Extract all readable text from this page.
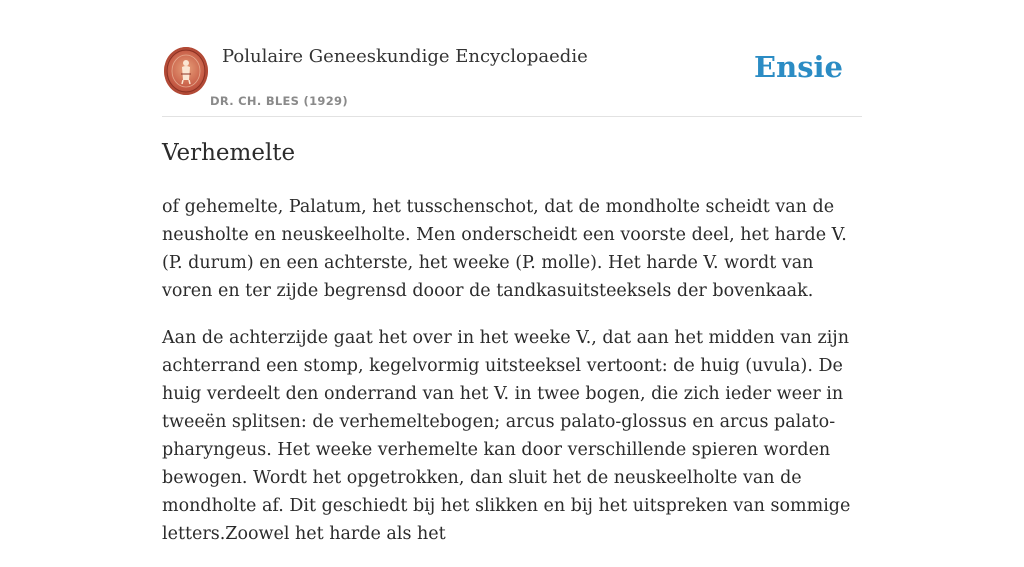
Polulaire Geneeskundige Encyclopaedie
DR. CH. BLES (1929)
Ensie
Verhemelte

of gehemelte, Palatum, het tusschenschot, dat de mondholte scheidt van de neusholte en neuskeelholte. Men onderscheidt een voorste deel, het harde V. (P. durum) en een achterste, het weeke (P. molle). Het harde V. wordt van voren en ter zijde begrensd dooor de tandkasuitsteeksels der bovenkaak.

Aan de achterzijde gaat het over in het weeke V., dat aan het midden van zijn achterrand een stomp, kegelvormig uitsteeksel vertoont: de huig (uvula). De huig verdeelt den onderrand van het V. in twee bogen, die zich ieder weer in tweeën splitsen: de verhemeltebogen; arcus palato-glossus en arcus palato-pharyngeus. Het weeke verhemelte kan door verschillende spieren worden bewogen. Wordt het opgetrokken, dan sluit het de neuskeelholte van de mondholte af. Dit geschiedt bij het slikken en bij het uitspreken van sommige letters.Zoowel het harde als het
